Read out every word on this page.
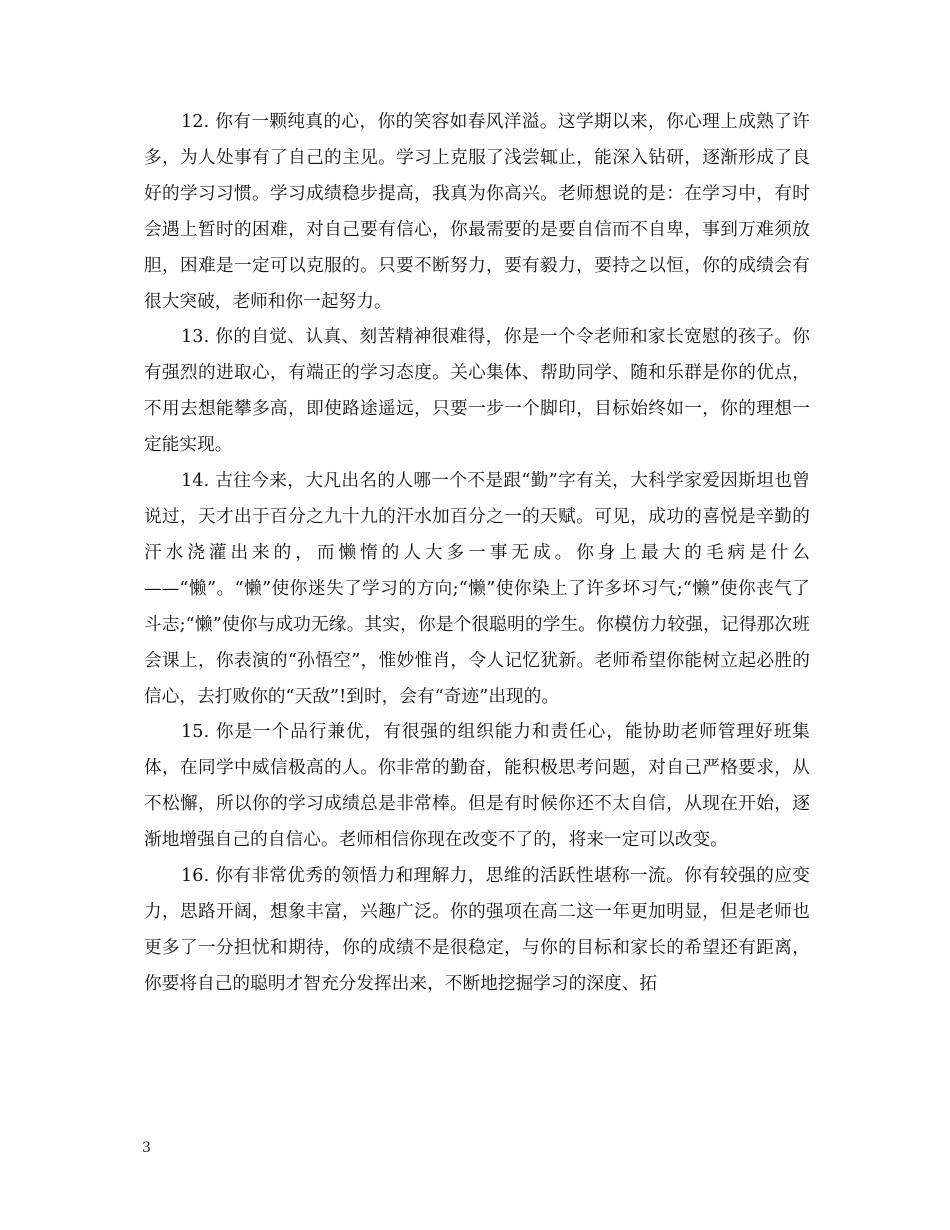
12. 你有一颗纯真的心，你的笑容如春风洋溢。这学期以来，你心理上成熟了许多，为人处事有了自己的主见。学习上克服了浅尝辄止，能深入钻研，逐渐形成了良好的学习习惯。学习成绩稳步提高，我真为你高兴。老师想说的是：在学习中，有时会遇上暂时的困难，对自己要有信心，你最需要的是要自信而不自卑，事到万难须放胆，困难是一定可以克服的。只要不断努力，要有毅力，要持之以恒，你的成绩会有很大突破，老师和你一起努力。

13. 你的自觉、认真、刻苦精神很难得，你是一个令老师和家长宽慰的孩子。你有强烈的进取心，有端正的学习态度。关心集体、帮助同学、随和乐群是你的优点，不用去想能攀多高，即使路途遥远，只要一步一个脚印，目标始终如一，你的理想一定能实现。

14. 古往今来，大凡出名的人哪一个不是跟“勤”字有关，大科学家爱因斯坦也曾说过，天才出于百分之九十九的汗水加百分之一的天赋。可见，成功的喜悦是辛勤的汗水浇灌出来的，而懒惰的人大多一事无成。你身上最大的毛病是什么——“懒”。“懒”使你迷失了学习的方向;“懒”使你染上了许多坏习气;“懒”使你丧气了斗志;“懒”使你与成功无缘。其实，你是个很聪明的学生。你模仿力较强，记得那次班会课上，你表演的“孙悟空”，惟妙惟肖，令人记忆犹新。老师希望你能树立起必胜的信心，去打败你的“天敌”!到时，会有“奇迹”出现的。

15. 你是一个品行兼优，有很强的组织能力和责任心，能协助老师管理好班集体，在同学中威信极高的人。你非常的勤奋，能积极思考问题，对自己严格要求，从不松懈，所以你的学习成绩总是非常棒。但是有时候你还不太自信，从现在开始，逐渐地增强自己的自信心。老师相信你现在改变不了的，将来一定可以改变。

16. 你有非常优秀的领悟力和理解力，思维的活跃性堪称一流。你有较强的应变力，思路开阔，想象丰富，兴趣广泛。你的强项在高二这一年更加明显，但是老师也更多了一分担忧和期待，你的成绩不是很稳定，与你的目标和家长的希望还有距离，你要将自己的聪明才智充分发挥出来，不断地挖掘学习的深度、拓

3
